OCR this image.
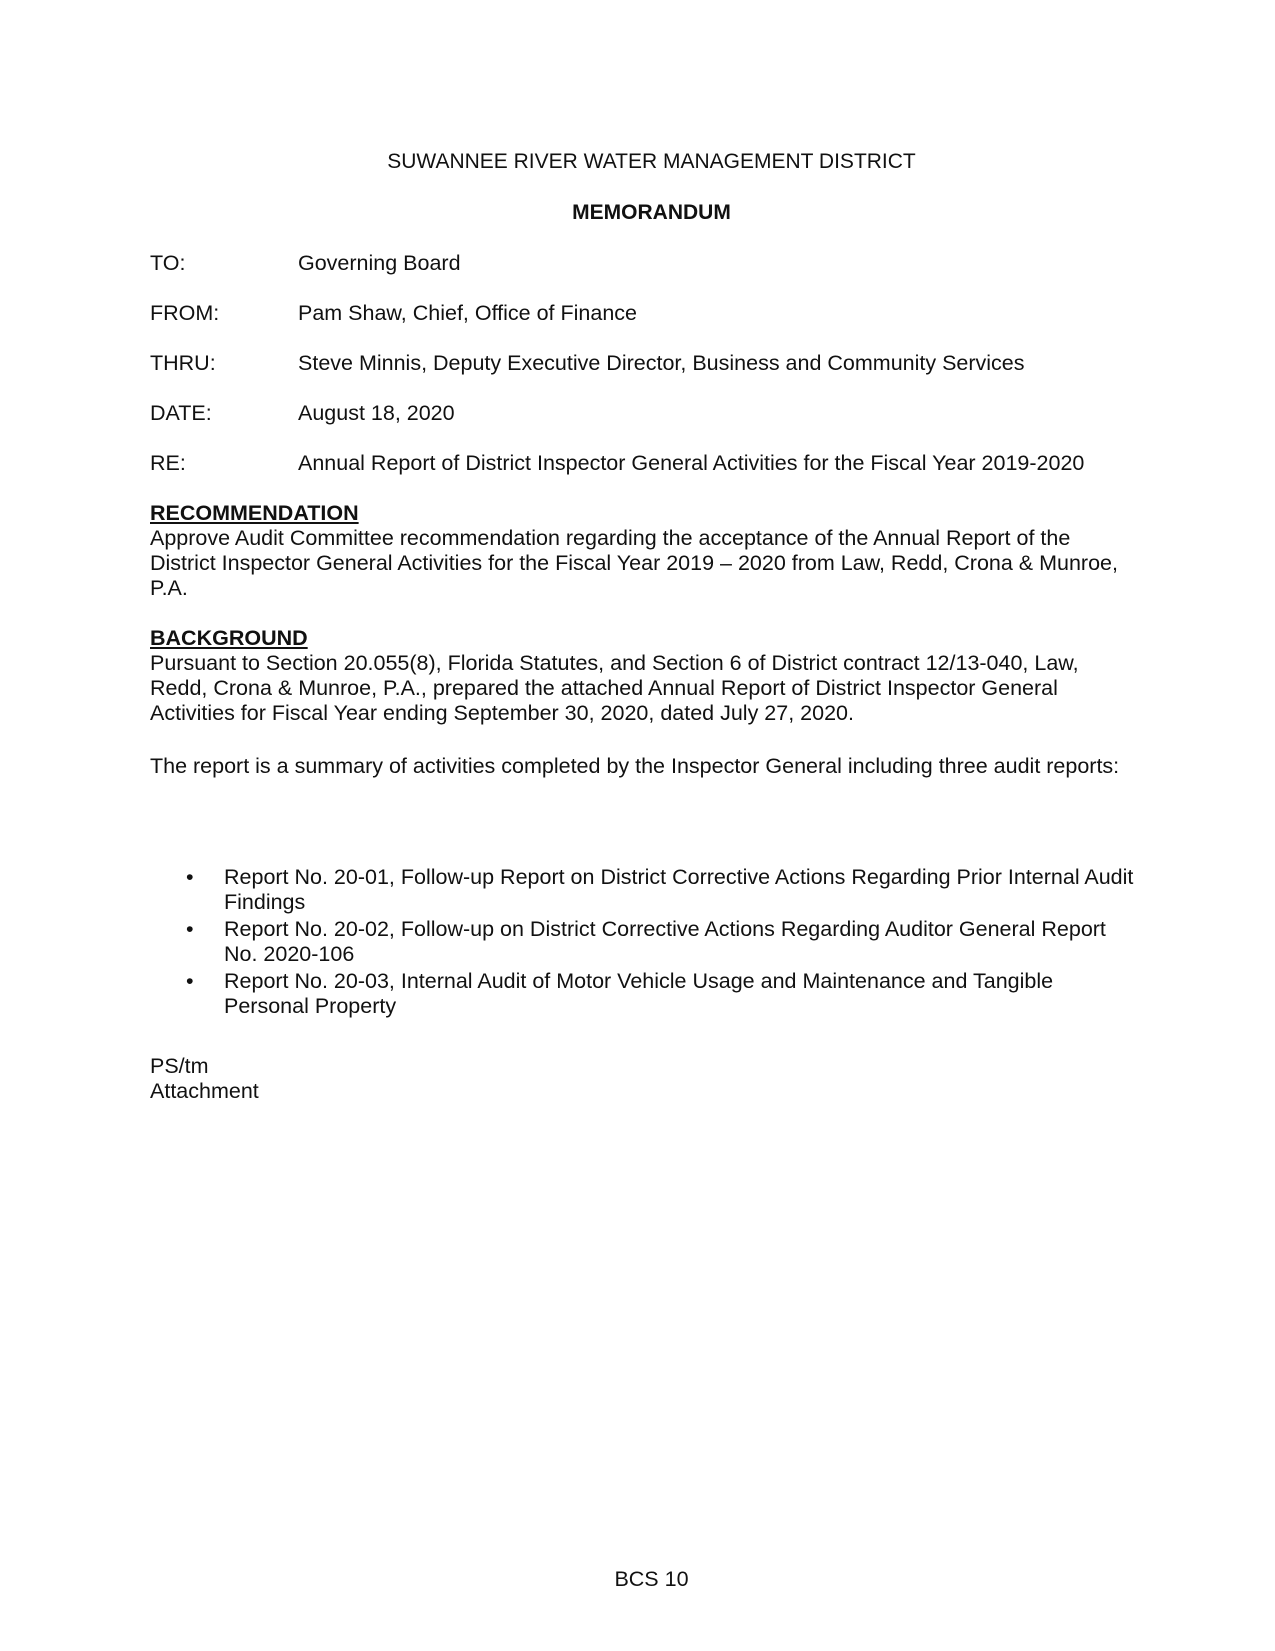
SUWANNEE RIVER WATER MANAGEMENT DISTRICT
MEMORANDUM
TO:	Governing Board
FROM:	Pam Shaw, Chief, Office of Finance
THRU:	Steve Minnis, Deputy Executive Director, Business and Community Services
DATE:	August 18, 2020
RE:	Annual Report of District Inspector General Activities for the Fiscal Year 2019-2020
RECOMMENDATION
Approve Audit Committee recommendation regarding the acceptance of the Annual Report of the District Inspector General Activities for the Fiscal Year 2019 – 2020 from Law, Redd, Crona & Munroe, P.A.
BACKGROUND
Pursuant to Section 20.055(8), Florida Statutes, and Section 6 of District contract 12/13-040, Law, Redd, Crona & Munroe, P.A., prepared the attached Annual Report of District Inspector General Activities for Fiscal Year ending September 30, 2020, dated July 27, 2020.
The report is a summary of activities completed by the Inspector General including three audit reports:
• Report No. 20-01, Follow-up Report on District Corrective Actions Regarding Prior Internal Audit Findings
• Report No. 20-02, Follow-up on District Corrective Actions Regarding Auditor General Report No. 2020-106
• Report No. 20-03, Internal Audit of Motor Vehicle Usage and Maintenance and Tangible Personal Property
PS/tm
Attachment
BCS 10
